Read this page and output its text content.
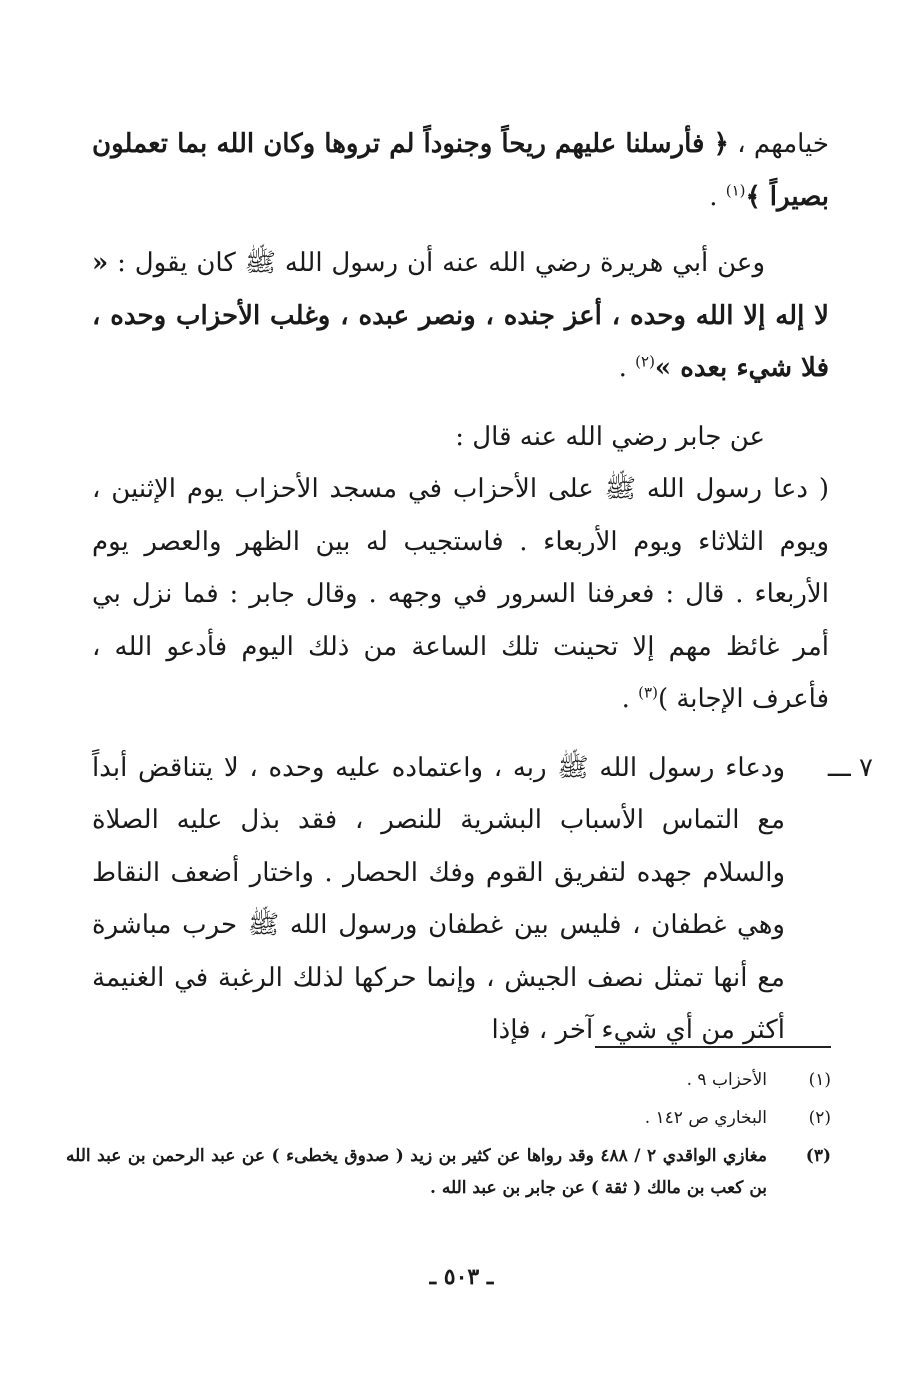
خيامهم ، ﴿ فأرسلنا عليهم ريحاً وجنوداً لم تروها وكان الله بما تعملون بصيراً ﴾$^{(١)}$ .

وعن أبي هريرة رضي الله عنه أن رسول الله ﷺ كان يقول : « لا إله إلا الله وحده ، أعز جنده ، ونصر عبده ، وغلب الأحزاب وحده ، فلا شيء بعده »$^{(٢)}$ .

عن جابر رضي الله عنه قال :

( دعا رسول الله ﷺ على الأحزاب في مسجد الأحزاب يوم الإثنين ، ويوم الثلاثاء ويوم الأربعاء . فاستجيب له بين الظهر والعصر يوم الأربعاء . قال : فعرفنا السرور في وجهه . وقال جابر : فما نزل بي أمر غائظ مهم إلا تحينت تلك الساعة من ذلك اليوم فأدعو الله ، فأعرف الإجابة )$^{(٣)}$ .

٧ ـــ
ودعاء رسول الله ﷺ ربه ، واعتماده عليه وحده ، لا يتناقض أبداً مع التماس الأسباب البشرية للنصر ، فقد بذل عليه الصلاة والسلام جهده لتفريق القوم وفك الحصار . واختار أضعف النقاط وهي غطفان ، فليس بين غطفان ورسول الله ﷺ حرب مباشرة مع أنها تمثل نصف الجيش ، وإنما حركها لذلك الرغبة في الغنيمة أكثر من أي شيء آخر ، فإذا

(١)
الأحزاب ٩ .

(٢)
البخاري ص ١٤٢ .

(٣)
مغازي الواقدي ٢ / ٤٨٨ وقد رواها عن كثير بن زيد ( صدوق يخطىء ) عن عبد الرحمن بن عبد الله بن كعب بن مالك ( ثقة ) عن جابر بن عبد الله .

ـ ٥٠٣ ـ
